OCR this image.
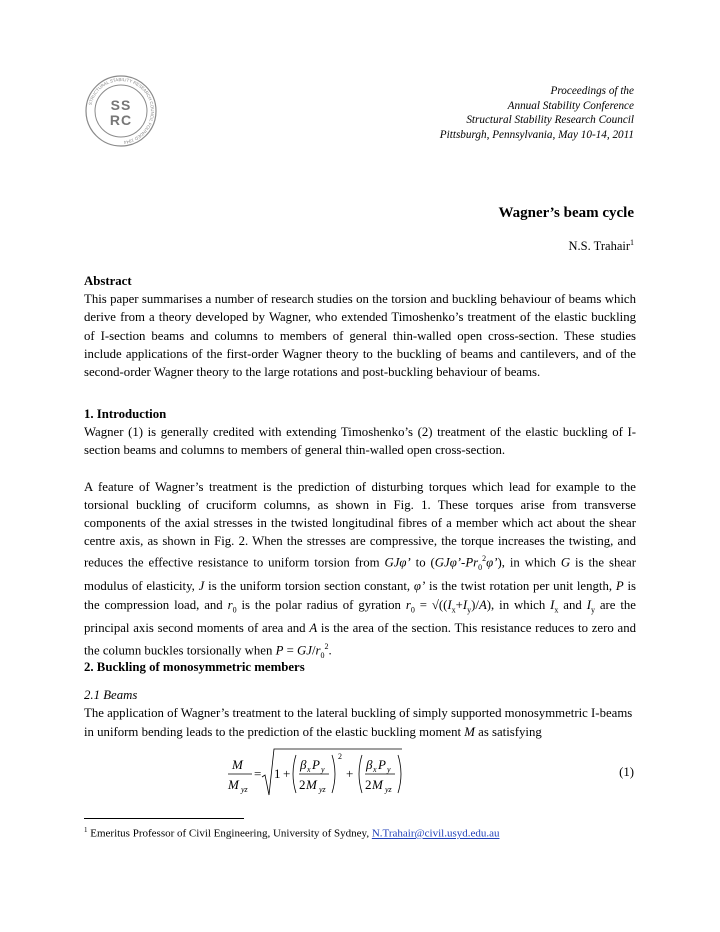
SS
RC
STRUCTURAL STABILITY RESEARCH COUNCIL FOUNDED 1944
Proceedings of the
Annual Stability Conference
Structural Stability Research Council
Pittsburgh, Pennsylvania, May 10-14, 2011
Wagner’s beam cycle
N.S. Trahair$^1$
Abstract
This paper summarises a number of research studies on the torsion and buckling behaviour of beams which derive from a theory developed by Wagner, who extended Timoshenko’s treatment of the elastic buckling of I-section beams and columns to members of general thin-walled open cross-section. These studies include applications of the first-order Wagner theory to the buckling of beams and cantilevers, and of the second-order Wagner theory to the large rotations and post-buckling behaviour of beams.
1. Introduction
Wagner (1) is generally credited with extending Timoshenko’s (2) treatment of the elastic buckling of I-section beams and columns to members of general thin-walled open cross-section.
A feature of Wagner’s treatment is the prediction of disturbing torques which lead for example to the torsional buckling of cruciform columns, as shown in Fig. 1. These torques arise from transverse components of the axial stresses in the twisted longitudinal fibres of a member which act about the shear centre axis, as shown in Fig. 2. When the stresses are compressive, the torque increases the twisting, and reduces the effective resistance to uniform torsion from GJφ’ to $(GJ\varphi’-Pr_0^2\varphi’)$, in which G is the shear modulus of elasticity, J is the uniform torsion section constant, φ’ is the twist rotation per unit length, P is the compression load, and $r_0$ is the polar radius of gyration $r_0 = √((I_x+I_y)/A)$, in which $I_x$ and $I_y$ are the principal axis second moments of area and A is the area of the section. This resistance reduces to zero and the column buckles torsionally when $P = GJ/r_0^2$.
2. Buckling of monosymmetric members
2.1 Beams
The application of Wagner’s treatment to the lateral buckling of simply supported monosymmetric I-beams in uniform bending leads to the prediction of the elastic buckling moment M as satisfying
M
M yz
= 1 +
β x P y
2 M yz
2
+
β x P y
2 M yz
(1)
$^1$ Emeritus Professor of Civil Engineering, University of Sydney, N.Trahair@civil.usyd.edu.au
